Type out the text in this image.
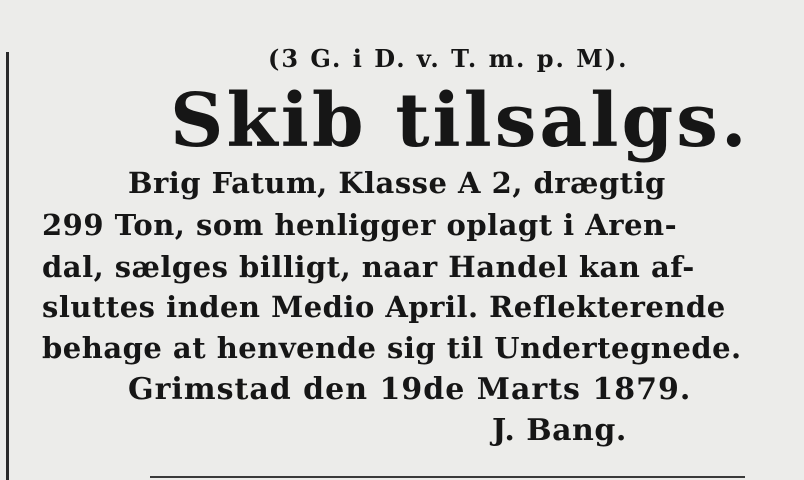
(3 G. i D. v. T. m. p. M).
Skib tilsalgs.
Brig Fatum, Klasse A 2, drægtig
299 Ton, som henligger oplagt i Aren-
dal, sælges billigt, naar Handel kan af-
sluttes inden Medio April. Reflekterende
behage at henvende sig til Undertegnede.
Grimstad den 19de Marts 1879.
J. Bang.
